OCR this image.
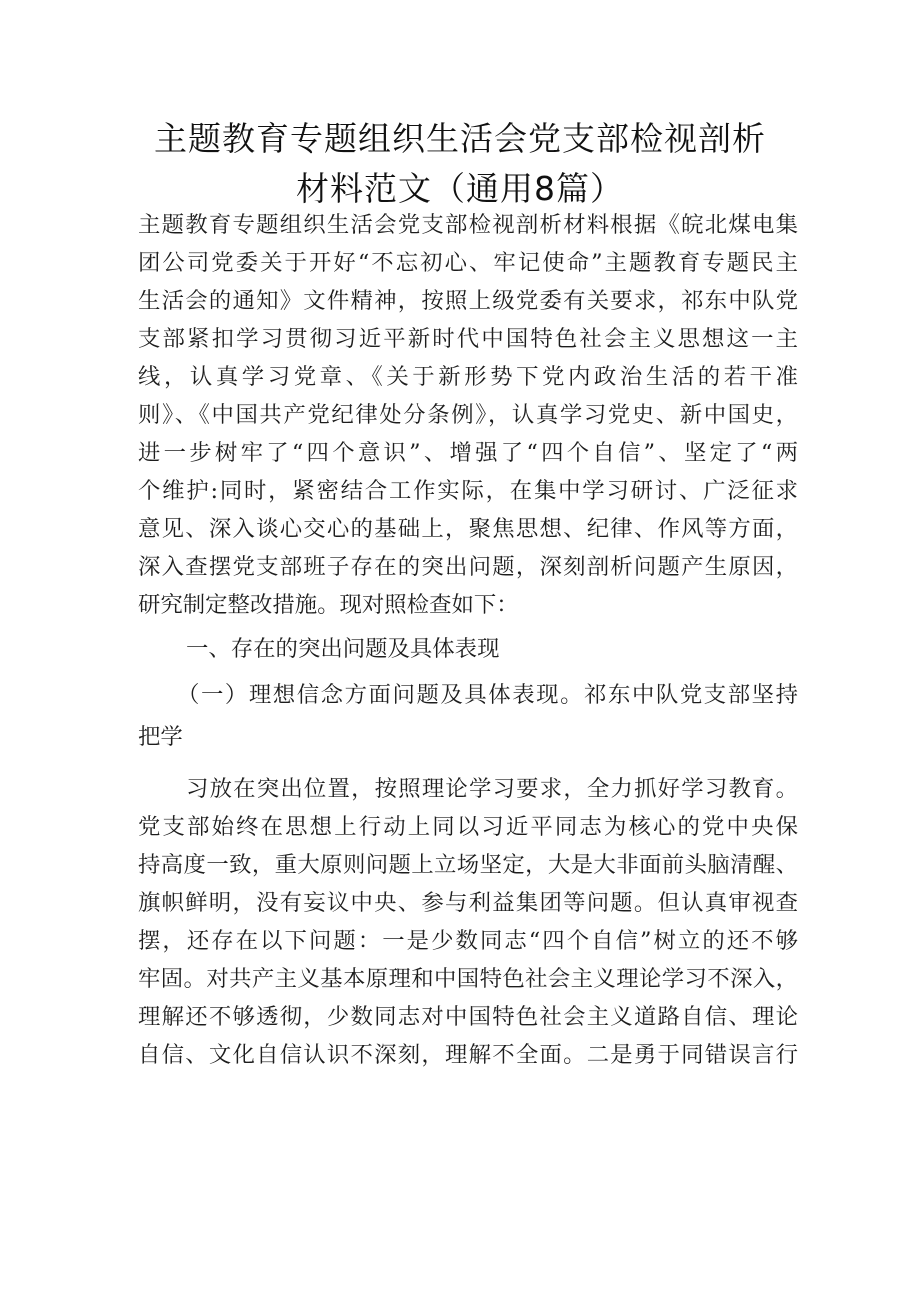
主题教育专题组织生活会党支部检视剖析
材料范文（通用8篇）
主题教育专题组织生活会党支部检视剖析材料根据《皖北煤电集
团公司党委关于开好“不忘初心、牢记使命”主题教育专题民主
生活会的通知》文件精神，按照上级党委有关要求，祁东中队党
支部紧扣学习贯彻习近平新时代中国特色社会主义思想这一主
线，认真学习党章、《关于新形势下党内政治生活的若干准
则》、《中国共产党纪律处分条例》，认真学习党史、新中国史，
进一步树牢了“四个意识”、增强了“四个自信”、坚定了“两
个维护:同时，紧密结合工作实际，在集中学习研讨、广泛征求
意见、深入谈心交心的基础上，聚焦思想、纪律、作风等方面，
深入查摆党支部班子存在的突出问题，深刻剖析问题产生原因，
研究制定整改措施。现对照检查如下：
一、存在的突出问题及具体表现
（一）理想信念方面问题及具体表现。祁东中队党支部坚持
把学
习放在突出位置，按照理论学习要求，全力抓好学习教育。
党支部始终在思想上行动上同以习近平同志为核心的党中央保
持高度一致，重大原则问题上立场坚定，大是大非面前头脑清醒、
旗帜鲜明，没有妄议中央、参与利益集团等问题。但认真审视查
摆，还存在以下问题：一是少数同志“四个自信”树立的还不够
牢固。对共产主义基本原理和中国特色社会主义理论学习不深入，
理解还不够透彻，少数同志对中国特色社会主义道路自信、理论
自信、文化自信认识不深刻，理解不全面。二是勇于同错误言行
